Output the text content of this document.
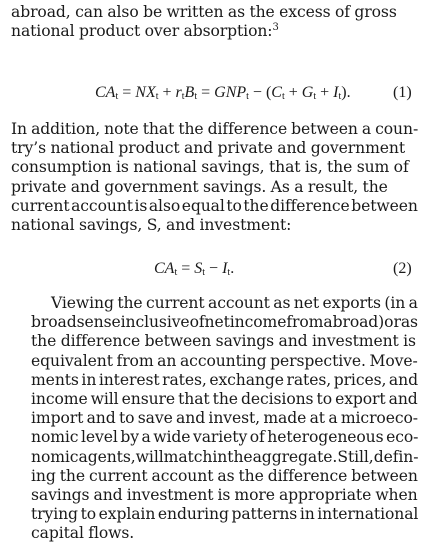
abroad, can also be written as the excess of gross
national product over absorption:$^3$

$CA_t = NX_t + r_tB_t = GNP_t - (C_t + G_t + I_t)$.	(1)

In addition, note that the difference between a coun-
try’s national product and private and government
consumption is national savings, that is, the sum of
private and government savings. As a result, the
current account is also equal to the difference between
national savings, S, and investment:

$CA_t = S_t - I_t$.	(2)

Viewing the current account as net exports (in a
broad sense inclusive of net income from abroad) or as
the difference between savings and investment is
equivalent from an accounting perspective. Move-
ments in interest rates, exchange rates, prices, and
income will ensure that the decisions to export and
import and to save and invest, made at a microeco-
nomic level by a wide variety of heterogeneous eco-
nomic agents, will match in the aggregate. Still, defin-
ing the current account as the difference between
savings and investment is more appropriate when
trying to explain enduring patterns in international
capital flows.
